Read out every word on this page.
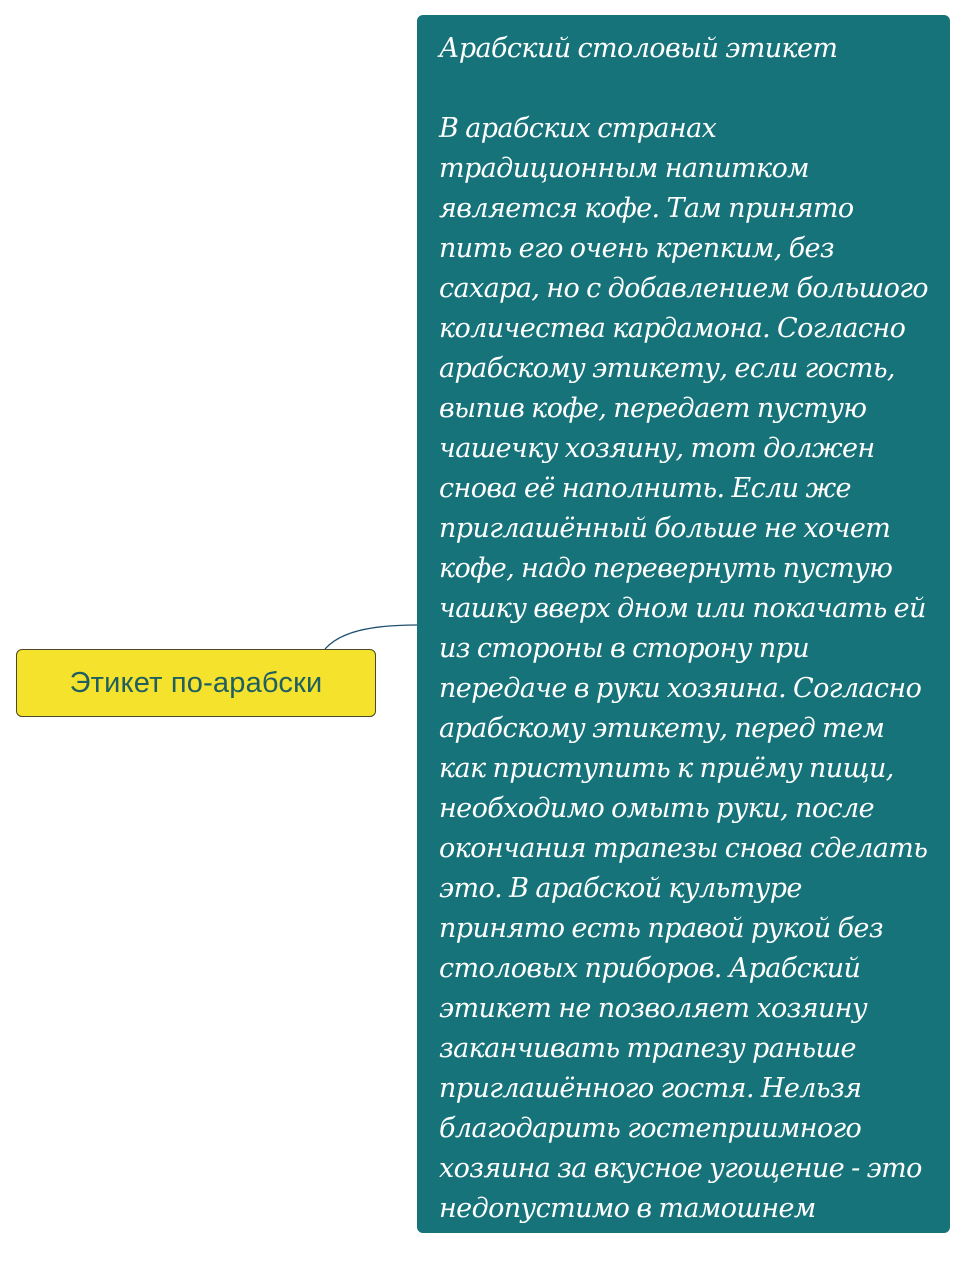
Этикет по-арабски
Арабский столовый этикет

В арабских странах традиционным напитком является кофе. Там принято пить его очень крепким, без сахара, но с добавлением большого количества кардамона. Согласно арабскому этикету, если гость, выпив кофе, передает пустую чашечку хозяину, тот должен снова её наполнить. Если же приглашённый больше не хочет кофе, надо перевернуть пустую чашку вверх дном или покачать ей из стороны в сторону при передаче в руки хозяина. Согласно арабскому этикету, перед тем как приступить к приёму пищи, необходимо омыть руки, после окончания трапезы снова сделать это. В арабской культуре принято есть правой рукой без столовых приборов. Арабский этикет не позволяет хозяину заканчивать трапезу раньше приглашённого гостя. Нельзя благодарить гостеприимного хозяина за вкусное угощение - это недопустимо в тамошнем обществе
